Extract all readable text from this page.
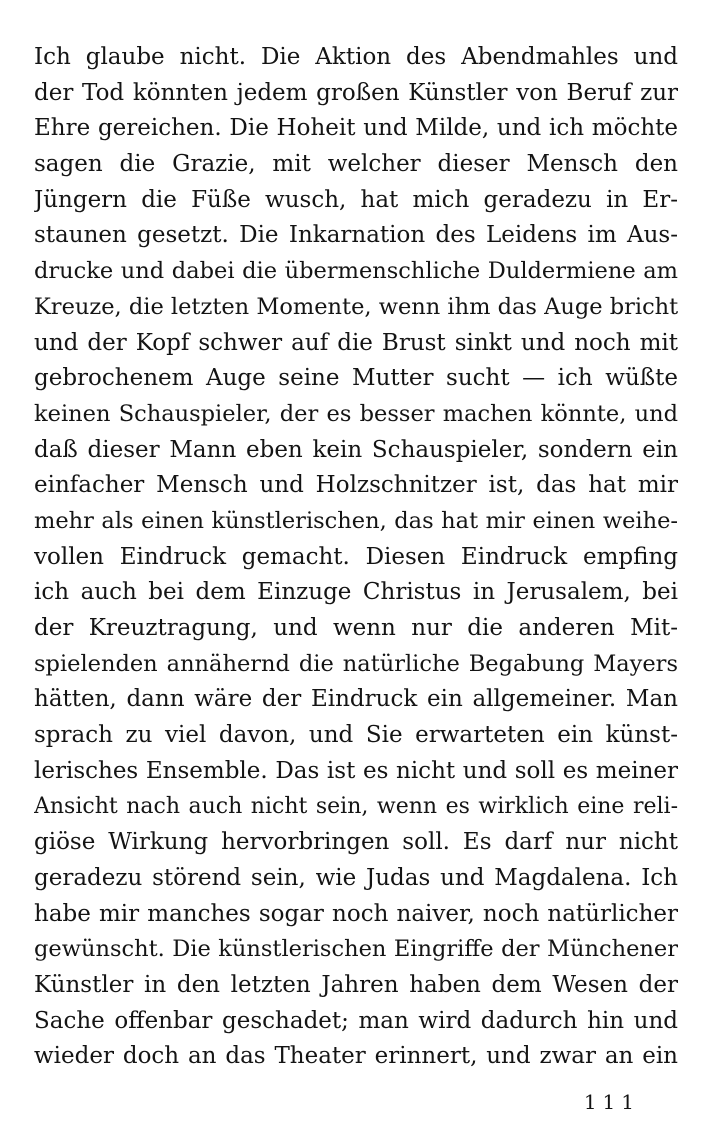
Ich glaube nicht. Die Aktion des Abendmahles und
der Tod könnten jedem großen Künstler von Beruf zur
Ehre gereichen. Die Hoheit und Milde, und ich möchte
sagen die Grazie, mit welcher dieser Mensch den
Jüngern die Füße wusch, hat mich geradezu in Er-
staunen gesetzt. Die Inkarnation des Leidens im Aus-
drucke und dabei die übermenschliche Duldermiene am
Kreuze, die letzten Momente, wenn ihm das Auge bricht
und der Kopf schwer auf die Brust sinkt und noch mit
gebrochenem Auge seine Mutter sucht — ich wüßte
keinen Schauspieler, der es besser machen könnte, und
daß dieser Mann eben kein Schauspieler, sondern ein
einfacher Mensch und Holzschnitzer ist, das hat mir
mehr als einen künstlerischen, das hat mir einen weihe-
vollen Eindruck gemacht. Diesen Eindruck empfing
ich auch bei dem Einzuge Christus in Jerusalem, bei
der Kreuztragung, und wenn nur die anderen Mit-
spielenden annähernd die natürliche Begabung Mayers
hätten, dann wäre der Eindruck ein allgemeiner. Man
sprach zu viel davon, und Sie erwarteten ein künst-
lerisches Ensemble. Das ist es nicht und soll es meiner
Ansicht nach auch nicht sein, wenn es wirklich eine reli-
giöse Wirkung hervorbringen soll. Es darf nur nicht
geradezu störend sein, wie Judas und Magdalena. Ich
habe mir manches sogar noch naiver, noch natürlicher
gewünscht. Die künstlerischen Eingriffe der Münchener
Künstler in den letzten Jahren haben dem Wesen der
Sache offenbar geschadet; man wird dadurch hin und
wieder doch an das Theater erinnert, und zwar an ein
111
